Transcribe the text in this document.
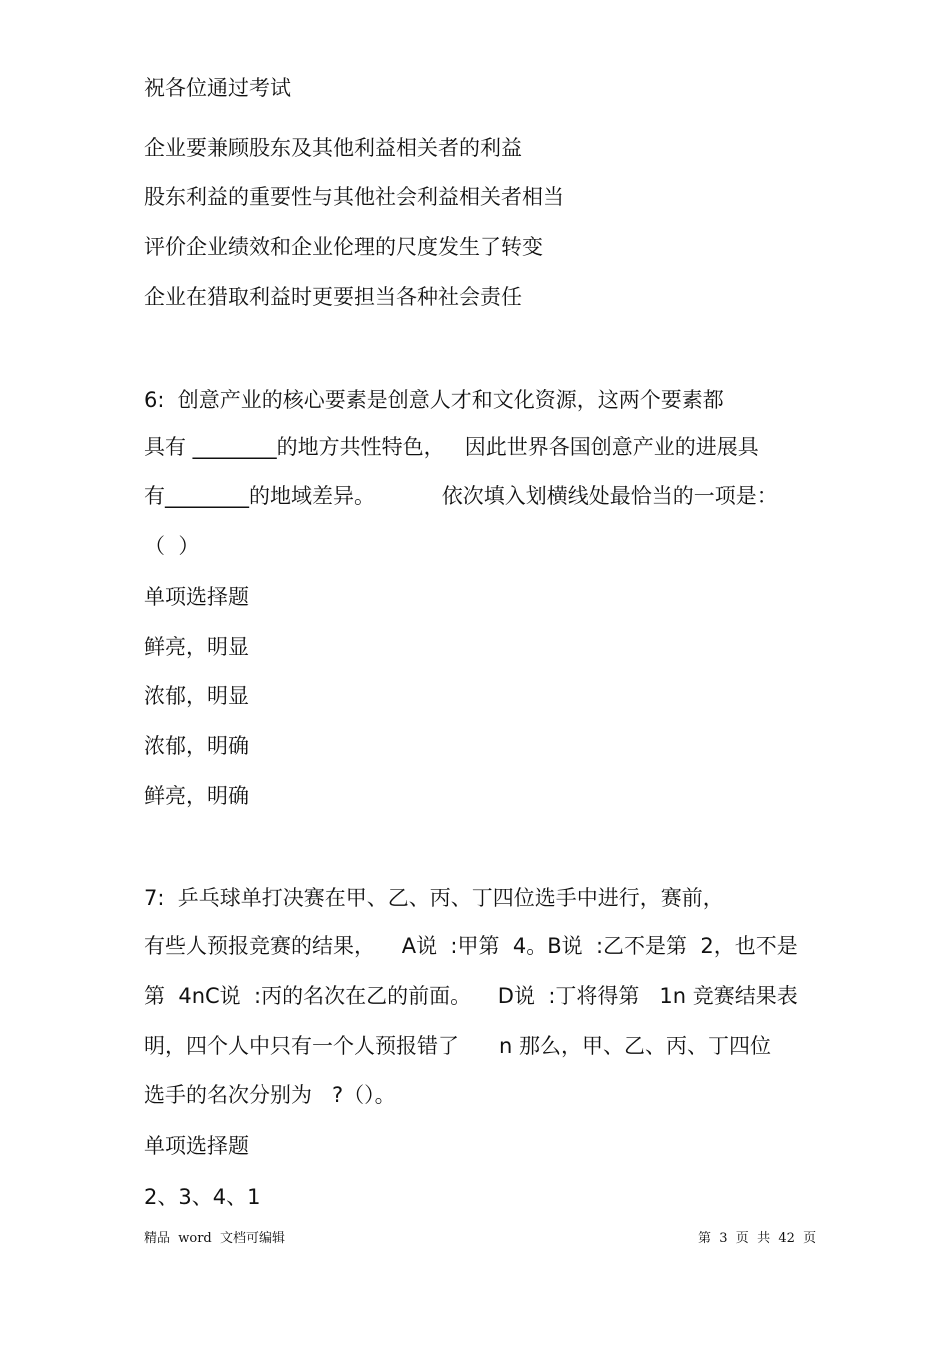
祝各位通过考试
企业要兼顾股东及其他利益相关者的利益
股东利益的重要性与其他社会利益相关者相当
评价企业绩效和企业伦理的尺度发生了转变
企业在猎取利益时更要担当各种社会责任
6:  创意产业的核心要素是创意人才和文化资源，这两个要素都
具有 ________的地方共性特色，   因此世界各国创意产业的进展具
有________的地域差异。          依次填入划横线处最恰当的一项是：
（  ）
单项选择题
鲜亮，明显
浓郁，明显
浓郁，明确
鲜亮，明确
7:  乒乓球单打决赛在甲、乙、丙、丁四位选手中进行，赛前，
有些人预报竞赛的结果，    A说  :甲第  4。B说  :乙不是第  2，也不是
第  4nC说  :丙的名次在乙的前面。    D说  :丁将得第   1n 竞赛结果表
明，四个人中只有一个人预报错了      n 那么，甲、乙、丙、丁四位
选手的名次分别为   ?（）。
单项选择题
2、3、4、1
精品  word  文档可编辑	第  3  页  共  42  页
